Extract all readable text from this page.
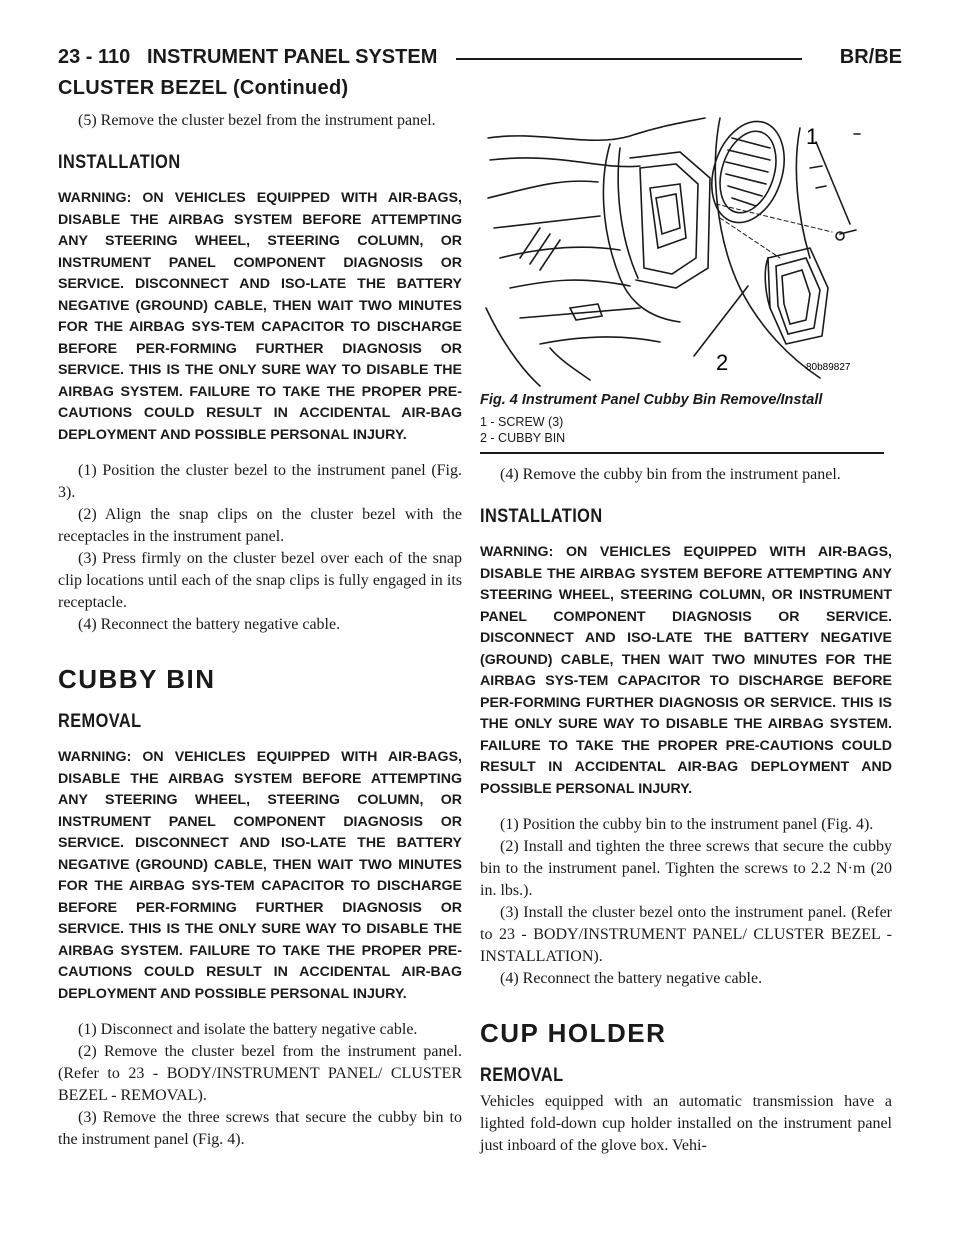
23 - 110 INSTRUMENT PANEL SYSTEM	BR/BE
CLUSTER BEZEL (Continued)

(5) Remove the cluster bezel from the instrument panel.

INSTALLATION

WARNING: ON VEHICLES EQUIPPED WITH AIR-BAGS, DISABLE THE AIRBAG SYSTEM BEFORE ATTEMPTING ANY STEERING WHEEL, STEERING COLUMN, OR INSTRUMENT PANEL COMPONENT DIAGNOSIS OR SERVICE. DISCONNECT AND ISO-LATE THE BATTERY NEGATIVE (GROUND) CABLE, THEN WAIT TWO MINUTES FOR THE AIRBAG SYS-TEM CAPACITOR TO DISCHARGE BEFORE PER-FORMING FURTHER DIAGNOSIS OR SERVICE. THIS IS THE ONLY SURE WAY TO DISABLE THE AIRBAG SYSTEM. FAILURE TO TAKE THE PROPER PRE-CAUTIONS COULD RESULT IN ACCIDENTAL AIR-BAG DEPLOYMENT AND POSSIBLE PERSONAL INJURY.

(1) Position the cluster bezel to the instrument panel (Fig. 3).

(2) Align the snap clips on the cluster bezel with the receptacles in the instrument panel.

(3) Press firmly on the cluster bezel over each of the snap clip locations until each of the snap clips is fully engaged in its receptacle.

(4) Reconnect the battery negative cable.

CUBBY BIN
REMOVAL

WARNING: ON VEHICLES EQUIPPED WITH AIR-BAGS, DISABLE THE AIRBAG SYSTEM BEFORE ATTEMPTING ANY STEERING WHEEL, STEERING COLUMN, OR INSTRUMENT PANEL COMPONENT DIAGNOSIS OR SERVICE. DISCONNECT AND ISO-LATE THE BATTERY NEGATIVE (GROUND) CABLE, THEN WAIT TWO MINUTES FOR THE AIRBAG SYS-TEM CAPACITOR TO DISCHARGE BEFORE PER-FORMING FURTHER DIAGNOSIS OR SERVICE. THIS IS THE ONLY SURE WAY TO DISABLE THE AIRBAG SYSTEM. FAILURE TO TAKE THE PROPER PRE-CAUTIONS COULD RESULT IN ACCIDENTAL AIR-BAG DEPLOYMENT AND POSSIBLE PERSONAL INJURY.

(1) Disconnect and isolate the battery negative cable.

(2) Remove the cluster bezel from the instrument panel. (Refer to 23 - BODY/INSTRUMENT PANEL/ CLUSTER BEZEL - REMOVAL).

(3) Remove the three screws that secure the cubby bin to the instrument panel (Fig. 4).

1
2	80b89827
Fig. 4 Instrument Panel Cubby Bin Remove/Install
1 - SCREW (3)
2 - CUBBY BIN

(4) Remove the cubby bin from the instrument panel.

INSTALLATION

WARNING: ON VEHICLES EQUIPPED WITH AIR-BAGS, DISABLE THE AIRBAG SYSTEM BEFORE ATTEMPTING ANY STEERING WHEEL, STEERING COLUMN, OR INSTRUMENT PANEL COMPONENT DIAGNOSIS OR SERVICE. DISCONNECT AND ISO-LATE THE BATTERY NEGATIVE (GROUND) CABLE, THEN WAIT TWO MINUTES FOR THE AIRBAG SYS-TEM CAPACITOR TO DISCHARGE BEFORE PER-FORMING FURTHER DIAGNOSIS OR SERVICE. THIS IS THE ONLY SURE WAY TO DISABLE THE AIRBAG SYSTEM. FAILURE TO TAKE THE PROPER PRE-CAUTIONS COULD RESULT IN ACCIDENTAL AIR-BAG DEPLOYMENT AND POSSIBLE PERSONAL INJURY.

(1) Position the cubby bin to the instrument panel (Fig. 4).

(2) Install and tighten the three screws that secure the cubby bin to the instrument panel. Tighten the screws to 2.2 N·m (20 in. lbs.).

(3) Install the cluster bezel onto the instrument panel. (Refer to 23 - BODY/INSTRUMENT PANEL/ CLUSTER BEZEL - INSTALLATION).

(4) Reconnect the battery negative cable.

CUP HOLDER
REMOVAL

Vehicles equipped with an automatic transmission have a lighted fold-down cup holder installed on the instrument panel just inboard of the glove box. Vehi-
